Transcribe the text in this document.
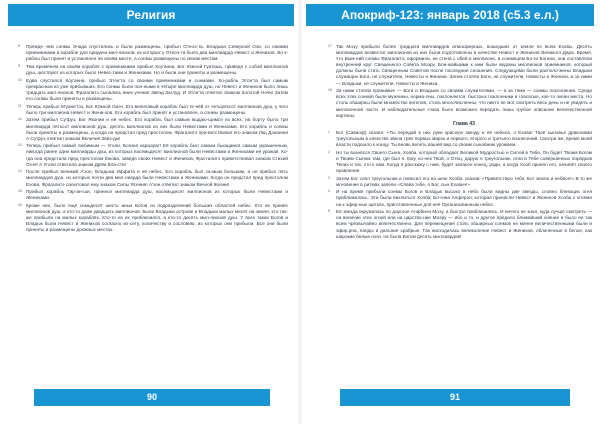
Религия

8 Прежде чем сонмы Эчада спустились и были размещены, прибыл Отеоэ-та, Владыка Северной Оэи, со своими приемниками в корабле для придачи мил-лионов, из которых у Отеоэ-та было два миллиарда Невест и Женихов. Во к-раблы был принят и установлен на своём месте, а сонмы размещены по своим местам.

9 Тем временем на своём корабле с приемниками прибыл Коу'анна, Бог Южной Гуаташь, приведя с собой миллионов душ, шествуют из которых было Невес-тами и Женихами. Но и были они приняты и размещены.

10 Едва спустился Коу'анна, прибыл Этон'та со своими приемниками и сонмами. Ко-рабль Этон'та был самым прекрасным из уже прибывших. Его сонмы были пол-ными в четыре миллиарда душ, но Невест и Женихов было лишь тридцать мил-лионов. Фрагалитэ сыпались вниз учения Звёзд Заглуд. И Этон'та ответил Знаком Золотой Ночи! Затем его сонмы были приняты и размещены.

11 Теперь прибыл М'уане'гоз, Бог Южной Оаэч. Его величавый корабль был те-нёй от четырёхсот миллионов душ, у чего было три миллиона Невест и Жени-хов. Его корабль был принят и установлен, а сонмы размещены.

12 Затем прибыл Су'фуз, Бог Яконии и её небес. Его корабль был самым выдаю-щимся из всех, на борту было три миллиарда пятьсот миллионов душ, десять миллионов из них были Невестами и Женихами. Его корабль и сонмы были приняты и размещены, а когда он предстал пред престолом, Фрагалитэ при-ветствовал его знаком Ліщ Дзнанни! А Су'фуз ответил знаком Величия Звёз-ды!

13 Теперь прибыл самый любимым — Уголи, Богиня караорат! Её корабль был самым бьющимся самым украшенным, никогда ранее одни миллиарды душ, из которых восемьдесят миллионов были Невестами и Женихами её урожая. Ко-гда она предстала пред престолом Ежова, заведя своих Невест и Женихов, Фра-галитэ приветствовал знаком Стихий Огня! А Уголи ответила знаком Дрём Вла-сти!

14 После прибыл великий А'зон, Владыка Иффита и её небес. Его корабль был са-мым большим, и он прибыл пять миллиардов душ, из которых почти два мил-лиарда были Невестами и Женихами. Когда он предстал пред престолом Ехова, Фрагалитэ салютовал ему знаком Силы Ясения! А'зон ответил знаком Вечной Жизни!

15 Прибыл корабль Гир-ан-ши, принеся миллиарда душ, восемьдесят миллионов из которых были Невестами и Женихами.

16 Кроме них, было ещё семьдесят шесть иных Богов из подразделений больших областей небес. Кто не принёс миллионов душ, а кто-то даже двадцать миллионов. Были Владыки острове и Владыки малых месят на земле, кто так-же прибыли на малых кораблях. Кто-то из их приблизился, а кто-то десять мил-лионов душ. У всех таких Богов и Владык были Невест и Женихов согласно их-сету, количеству и сословию, из которых они прибыли. Все они были приняты и размещены должных местах.

90
Апокриф-123: январь 2018 (с5.3 е.л.)

17 Так Моэу прибыли более тридцати миллиардов атмосферных, вошедших от земли по всем Еховы. Десять миллиардов возвестит миллионов из них были подготовлены в качестве Невест и Женихов Великого Дара. Время, что Вым-ний сонмы Фрагалитэ, оформили, не стена с обей в миллионе, в сонмищем Бо-ги Богини, они составляли внутренний круг Священного Совета Моэру. Бли-жайшими к ним были ведомы миллионов приемников, который должны были стать Священным Советом после последние сношения. Следующими были располо-жены Владыки служащих Бога, не служители, Невесты и Женихи. Затем стояли Боги, не служители, Невесты и Женихи, а за ними — Владыки, не служители, Невесты и Женихи.

18 За ними стояли принимые — Боги и Владыки со своими служителями, — а за теми — сонмы поклонения. Среди всех этих сонмов были мужчины, норма-лны, поклоняются, быстрых поклонники и гласатые, кое-то океан места. Но столь обширны были множество ангелов, столь многочисленны, что никто не мог смотреть весь день и не увидеть и миллионной части. И наблюдательные глаза было возможно передать лишь грубое описание величественной картины.

Глава 43

1 Бог (Саваоф) сказал: «Ты передай в них руки красную звезду и её небеса, о Ехова! Твоё сыновья драконами треугольным в качестве звена трёх первых мирок и первого, второго и третьего вознесений. Смотри же, время моей власти подошло к концу. Ты вновь велеть вашей вир со своим сыновним урожаем.

2 Но ты вознёсся Своего Сына, Хоаба, который обладает Великой Мудростью и Силой в Тебе. Он будет Твоим Богом и Твоим Сыном там, где был я. Ему, ко-нек Твой, о Отец, дарую я треугольник, огни в Тебе совершенных порядков Твоих и тех, кто к нам. Когда я расскажу с ним, будет запасен конец, ради, а когда Хоэб принял его, начинёт своего правления.

3 Затем Бог снял треугольник и повесил его на шею Хоэба, сказав: «Приветствую тебя, Бог земли и небёсе!» В то же мгновение в ритмах запели «Слава тебе, о Бог, сын Ехович!»

4 И на время прибыли сонмы Богов и Владык высоко в небо были видны две звезды, словно блеющих огня приближались. Эти были вихлиться Хоэба; Бо-гина Алферон, которая принесли Невест и Женихов Хоэба с огнями на к эфир-ных щетках, приготовленные для неё Организованным небес.

5 Её звезда окружалась по дорогое Алфбион Моэу, а быстро приблизились. И ничего не знал, куда лучше смотреть — на величие этих огней или на царство-ние Моэру — ибо и то, и другое предало ближайший сияние и было ее так всем чрезвычайно величественно. Для перемещения столь обширных сонмов не менее величественными были и эфир.рна, панды и дальние храбрые. Так нисходилась великолепие Невест и Женихов, облаченные в белое, как широкие белые ноги, на была Богом десять миллиардов!

91
